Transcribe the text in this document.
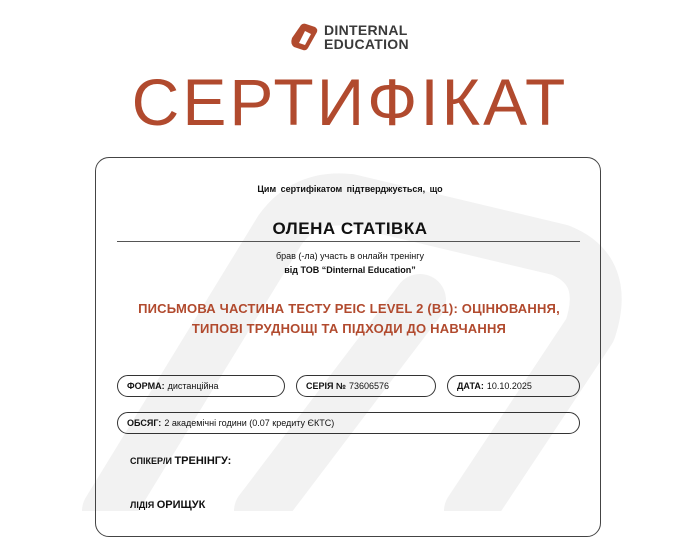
DINTERNAL
EDUCATION
СЕРТИФІКАТ
Цим сертифікатом підтверджується, що
ОЛЕНА СТАТІВКА
брав (-ла) участь в онлайн тренінгу
від ТОВ “Dinternal Education”
ПИСЬМОВА ЧАСТИНА ТЕСТУ PEIC LEVEL 2 (B1): ОЦІНЮВАННЯ,
ТИПОВІ ТРУДНОЩІ ТА ПІДХОДИ ДО НАВЧАННЯ
ФОРМА: дистанційна	СЕРІЯ № 73606576	ДАТА: 10.10.2025
ОБСЯГ: 2 академічні години (0.07 кредиту ЄКТС)
СПІКЕР/И ТРЕНІНГУ:
ЛІДІЯ ОРИЩУК
